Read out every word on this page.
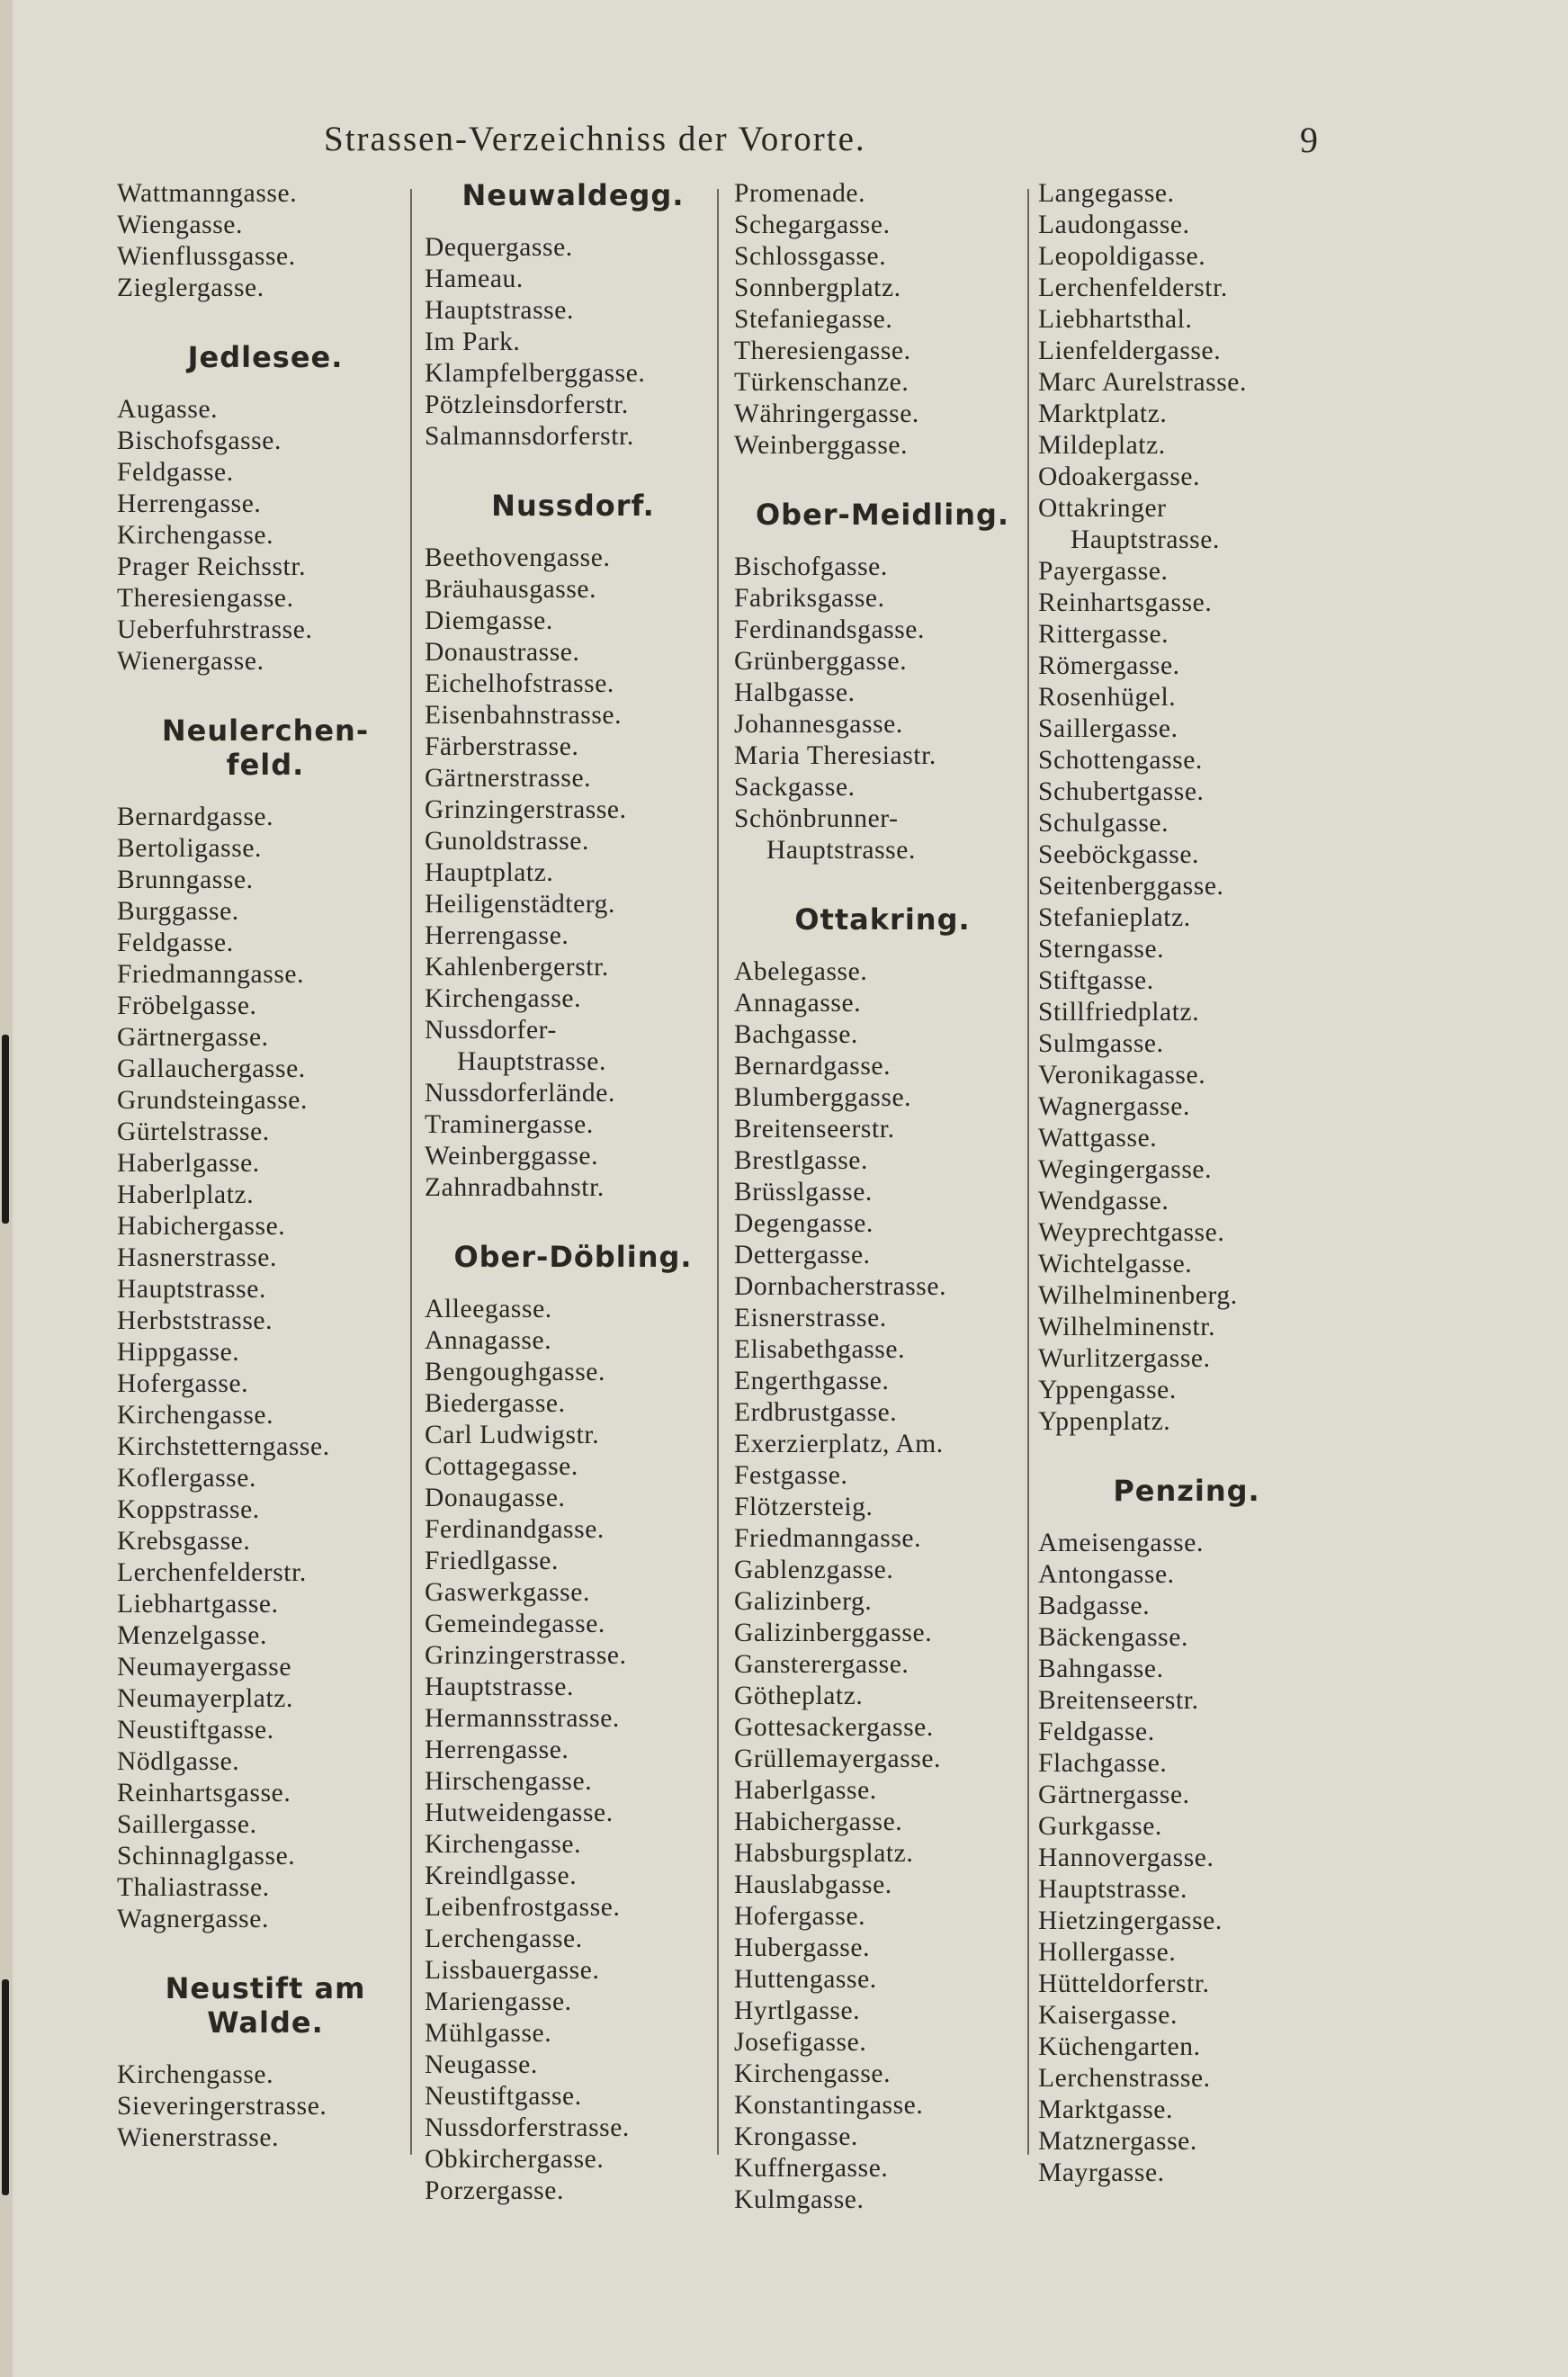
Strassen-Verzeichniss der Vororte.	9
Wattmanngasse.
Wiengasse.
Wienflussgasse.
Zieglergasse.
Jedlesee.
Augasse.
Bischofsgasse.
Feldgasse.
Herrengasse.
Kirchengasse.
Prager Reichsstr.
Theresiengasse.
Ueberfuhrstrasse.
Wienergasse.
Neulerchen-
feld.
Bernardgasse.
Bertoligasse.
Brunngasse.
Burggasse.
Feldgasse.
Friedmanngasse.
Fröbelgasse.
Gärtnergasse.
Gallauchergasse.
Grundsteingasse.
Gürtelstrasse.
Haberlgasse.
Haberlplatz.
Habichergasse.
Hasnerstrasse.
Hauptstrasse.
Herbststrasse.
Hippgasse.
Hofergasse.
Kirchengasse.
Kirchstetterngasse.
Koflergasse.
Koppstrasse.
Krebsgasse.
Lerchenfelderstr.
Liebhartgasse.
Menzelgasse.
Neumayergasse
Neumayerplatz.
Neustiftgasse.
Nödlgasse.
Reinhartsgasse.
Saillergasse.
Schinnaglgasse.
Thaliastrasse.
Wagnergasse.
Neustift am
Walde.
Kirchengasse.
Sieveringerstrasse.
Wienerstrasse.
Neuwaldegg.
Dequergasse.
Hameau.
Hauptstrasse.
Im Park.
Klampfelberggasse.
Pötzleinsdorferstr.
Salmannsdorferstr.
Nussdorf.
Beethovengasse.
Bräuhausgasse.
Diemgasse.
Donaustrasse.
Eichelhofstrasse.
Eisenbahnstrasse.
Färberstrasse.
Gärtnerstrasse.
Grinzingerstrasse.
Gunoldstrasse.
Hauptplatz.
Heiligenstädterg.
Herrengasse.
Kahlenbergerstr.
Kirchengasse.
Nussdorfer-
Hauptstrasse.
Nussdorferlände.
Traminergasse.
Weinberggasse.
Zahnradbahnstr.
Ober-Döbling.
Alleegasse.
Annagasse.
Bengoughgasse.
Biedergasse.
Carl Ludwigstr.
Cottagegasse.
Donaugasse.
Ferdinandgasse.
Friedlgasse.
Gaswerkgasse.
Gemeindegasse.
Grinzingerstrasse.
Hauptstrasse.
Hermannsstrasse.
Herrengasse.
Hirschengasse.
Hutweidengasse.
Kirchengasse.
Kreindlgasse.
Leibenfrostgasse.
Lerchengasse.
Lissbauergasse.
Mariengasse.
Mühlgasse.
Neugasse.
Neustiftgasse.
Nussdorferstrasse.
Obkirchergasse.
Porzergasse.
Promenade.
Schegargasse.
Schlossgasse.
Sonnbergplatz.
Stefaniegasse.
Theresiengasse.
Türkenschanze.
Währingergasse.
Weinberggasse.
Ober-Meidling.
Bischofgasse.
Fabriksgasse.
Ferdinandsgasse.
Grünberggasse.
Halbgasse.
Johannesgasse.
Maria Theresiastr.
Sackgasse.
Schönbrunner-
Hauptstrasse.
Ottakring.
Abelegasse.
Annagasse.
Bachgasse.
Bernardgasse.
Blumberggasse.
Breitenseerstr.
Brestlgasse.
Brüsslgasse.
Degengasse.
Dettergasse.
Dornbacherstrasse.
Eisnerstrasse.
Elisabethgasse.
Engerthgasse.
Erdbrustgasse.
Exerzierplatz, Am.
Festgasse.
Flötzersteig.
Friedmanngasse.
Gablenzgasse.
Galizinberg.
Galizinberggasse.
Gansterergasse.
Götheplatz.
Gottesackergasse.
Grüllemayergasse.
Haberlgasse.
Habichergasse.
Habsburgsplatz.
Hauslabgasse.
Hofergasse.
Hubergasse.
Huttengasse.
Hyrtlgasse.
Josefigasse.
Kirchengasse.
Konstantingasse.
Krongasse.
Kuffnergasse.
Kulmgasse.
Langegasse.
Laudongasse.
Leopoldigasse.
Lerchenfelderstr.
Liebhartsthal.
Lienfeldergasse.
Marc Aurelstrasse.
Marktplatz.
Mildeplatz.
Odoakergasse.
Ottakringer
Hauptstrasse.
Payergasse.
Reinhartsgasse.
Rittergasse.
Römergasse.
Rosenhügel.
Saillergasse.
Schottengasse.
Schubertgasse.
Schulgasse.
Seeböckgasse.
Seitenberggasse.
Stefanieplatz.
Sterngasse.
Stiftgasse.
Stillfriedplatz.
Sulmgasse.
Veronikagasse.
Wagnergasse.
Wattgasse.
Wegingergasse.
Wendgasse.
Weyprechtgasse.
Wichtelgasse.
Wilhelminenberg.
Wilhelminenstr.
Wurlitzergasse.
Yppengasse.
Yppenplatz.
Penzing.
Ameisengasse.
Antongasse.
Badgasse.
Bäckengasse.
Bahngasse.
Breitenseerstr.
Feldgasse.
Flachgasse.
Gärtnergasse.
Gurkgasse.
Hannovergasse.
Hauptstrasse.
Hietzingergasse.
Hollergasse.
Hütteldorferstr.
Kaisergasse.
Küchengarten.
Lerchenstrasse.
Marktgasse.
Matznergasse.
Mayrgasse.
